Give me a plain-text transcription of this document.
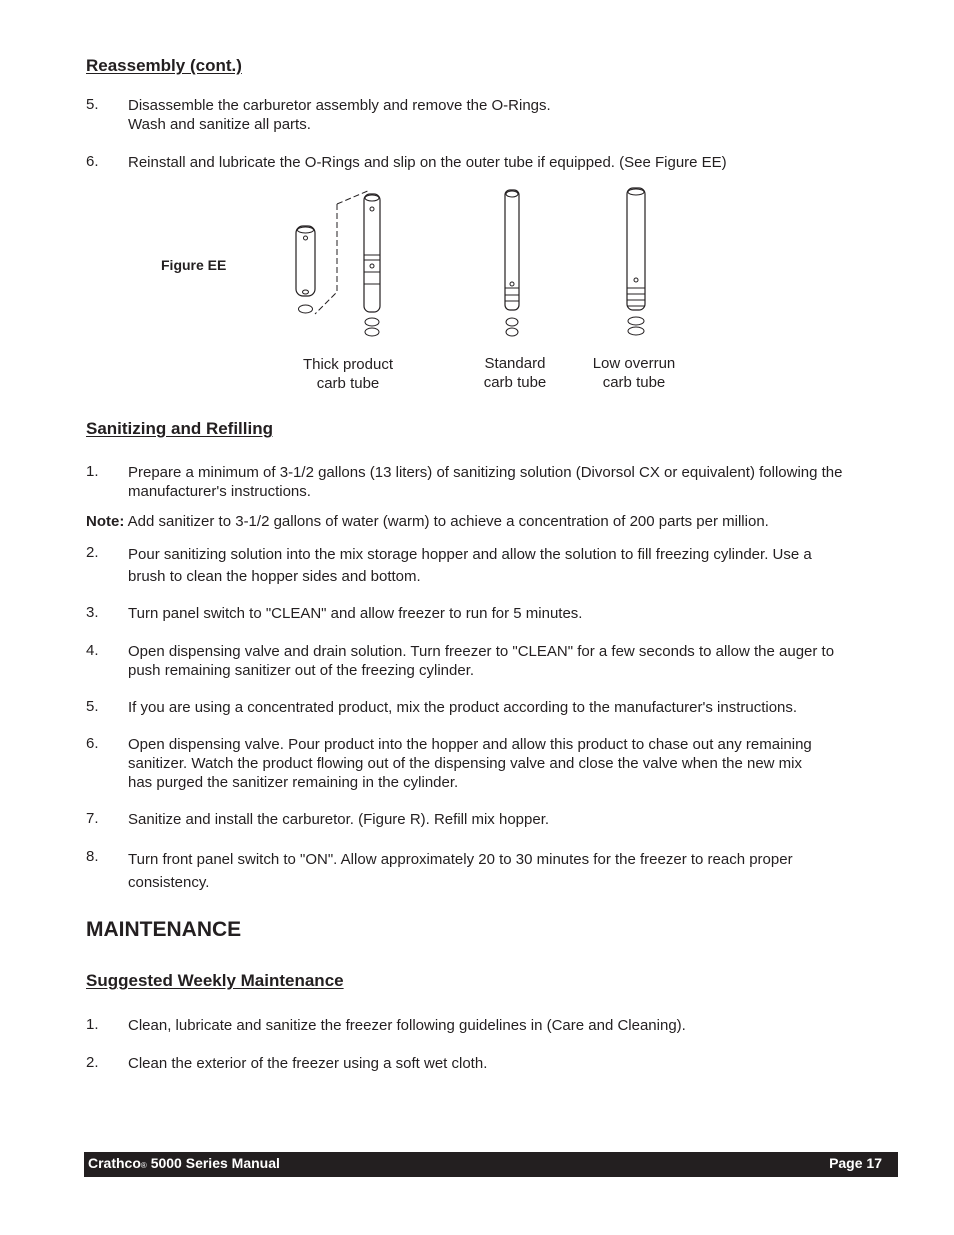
Reassembly (cont.)
5. Disassemble the carburetor assembly and remove the O-Rings.
Wash and sanitize all parts.
6. Reinstall and lubricate the O-Rings and slip on the outer tube if equipped. (See Figure EE)
Figure EE
Thick product
carb tube
Standard
carb tube
Low overrun
carb tube
Sanitizing and Refilling
1. Prepare a minimum of 3-1/2 gallons (13 liters) of sanitizing solution (Divorsol CX or equivalent) following the
manufacturer's instructions.
Note: Add sanitizer to 3-1/2 gallons of water (warm) to achieve a concentration of 200 parts per million.
2. Pour sanitizing solution into the mix storage hopper and allow the solution to fill freezing cylinder. Use a
brush to clean the hopper sides and bottom.
3. Turn panel switch to "CLEAN" and allow freezer to run for 5 minutes.
4. Open dispensing valve and drain solution. Turn freezer to "CLEAN" for a few seconds to allow the auger to
push remaining sanitizer out of the freezing cylinder.
5. If you are using a concentrated product, mix the product according to the manufacturer's instructions.
6. Open dispensing valve. Pour product into the hopper and allow this product to chase out any remaining
sanitizer. Watch the product flowing out of the dispensing valve and close the valve when the new mix
has purged the sanitizer remaining in the cylinder.
7. Sanitize and install the carburetor. (Figure R). Refill mix hopper.
8. Turn front panel switch to "ON". Allow approximately 20 to 30 minutes for the freezer to reach proper
consistency.
MAINTENANCE
Suggested Weekly Maintenance
1. Clean, lubricate and sanitize the freezer following guidelines in (Care and Cleaning).
2. Clean the exterior of the freezer using a soft wet cloth.
Crathco® 5000 Series Manual	Page 17
